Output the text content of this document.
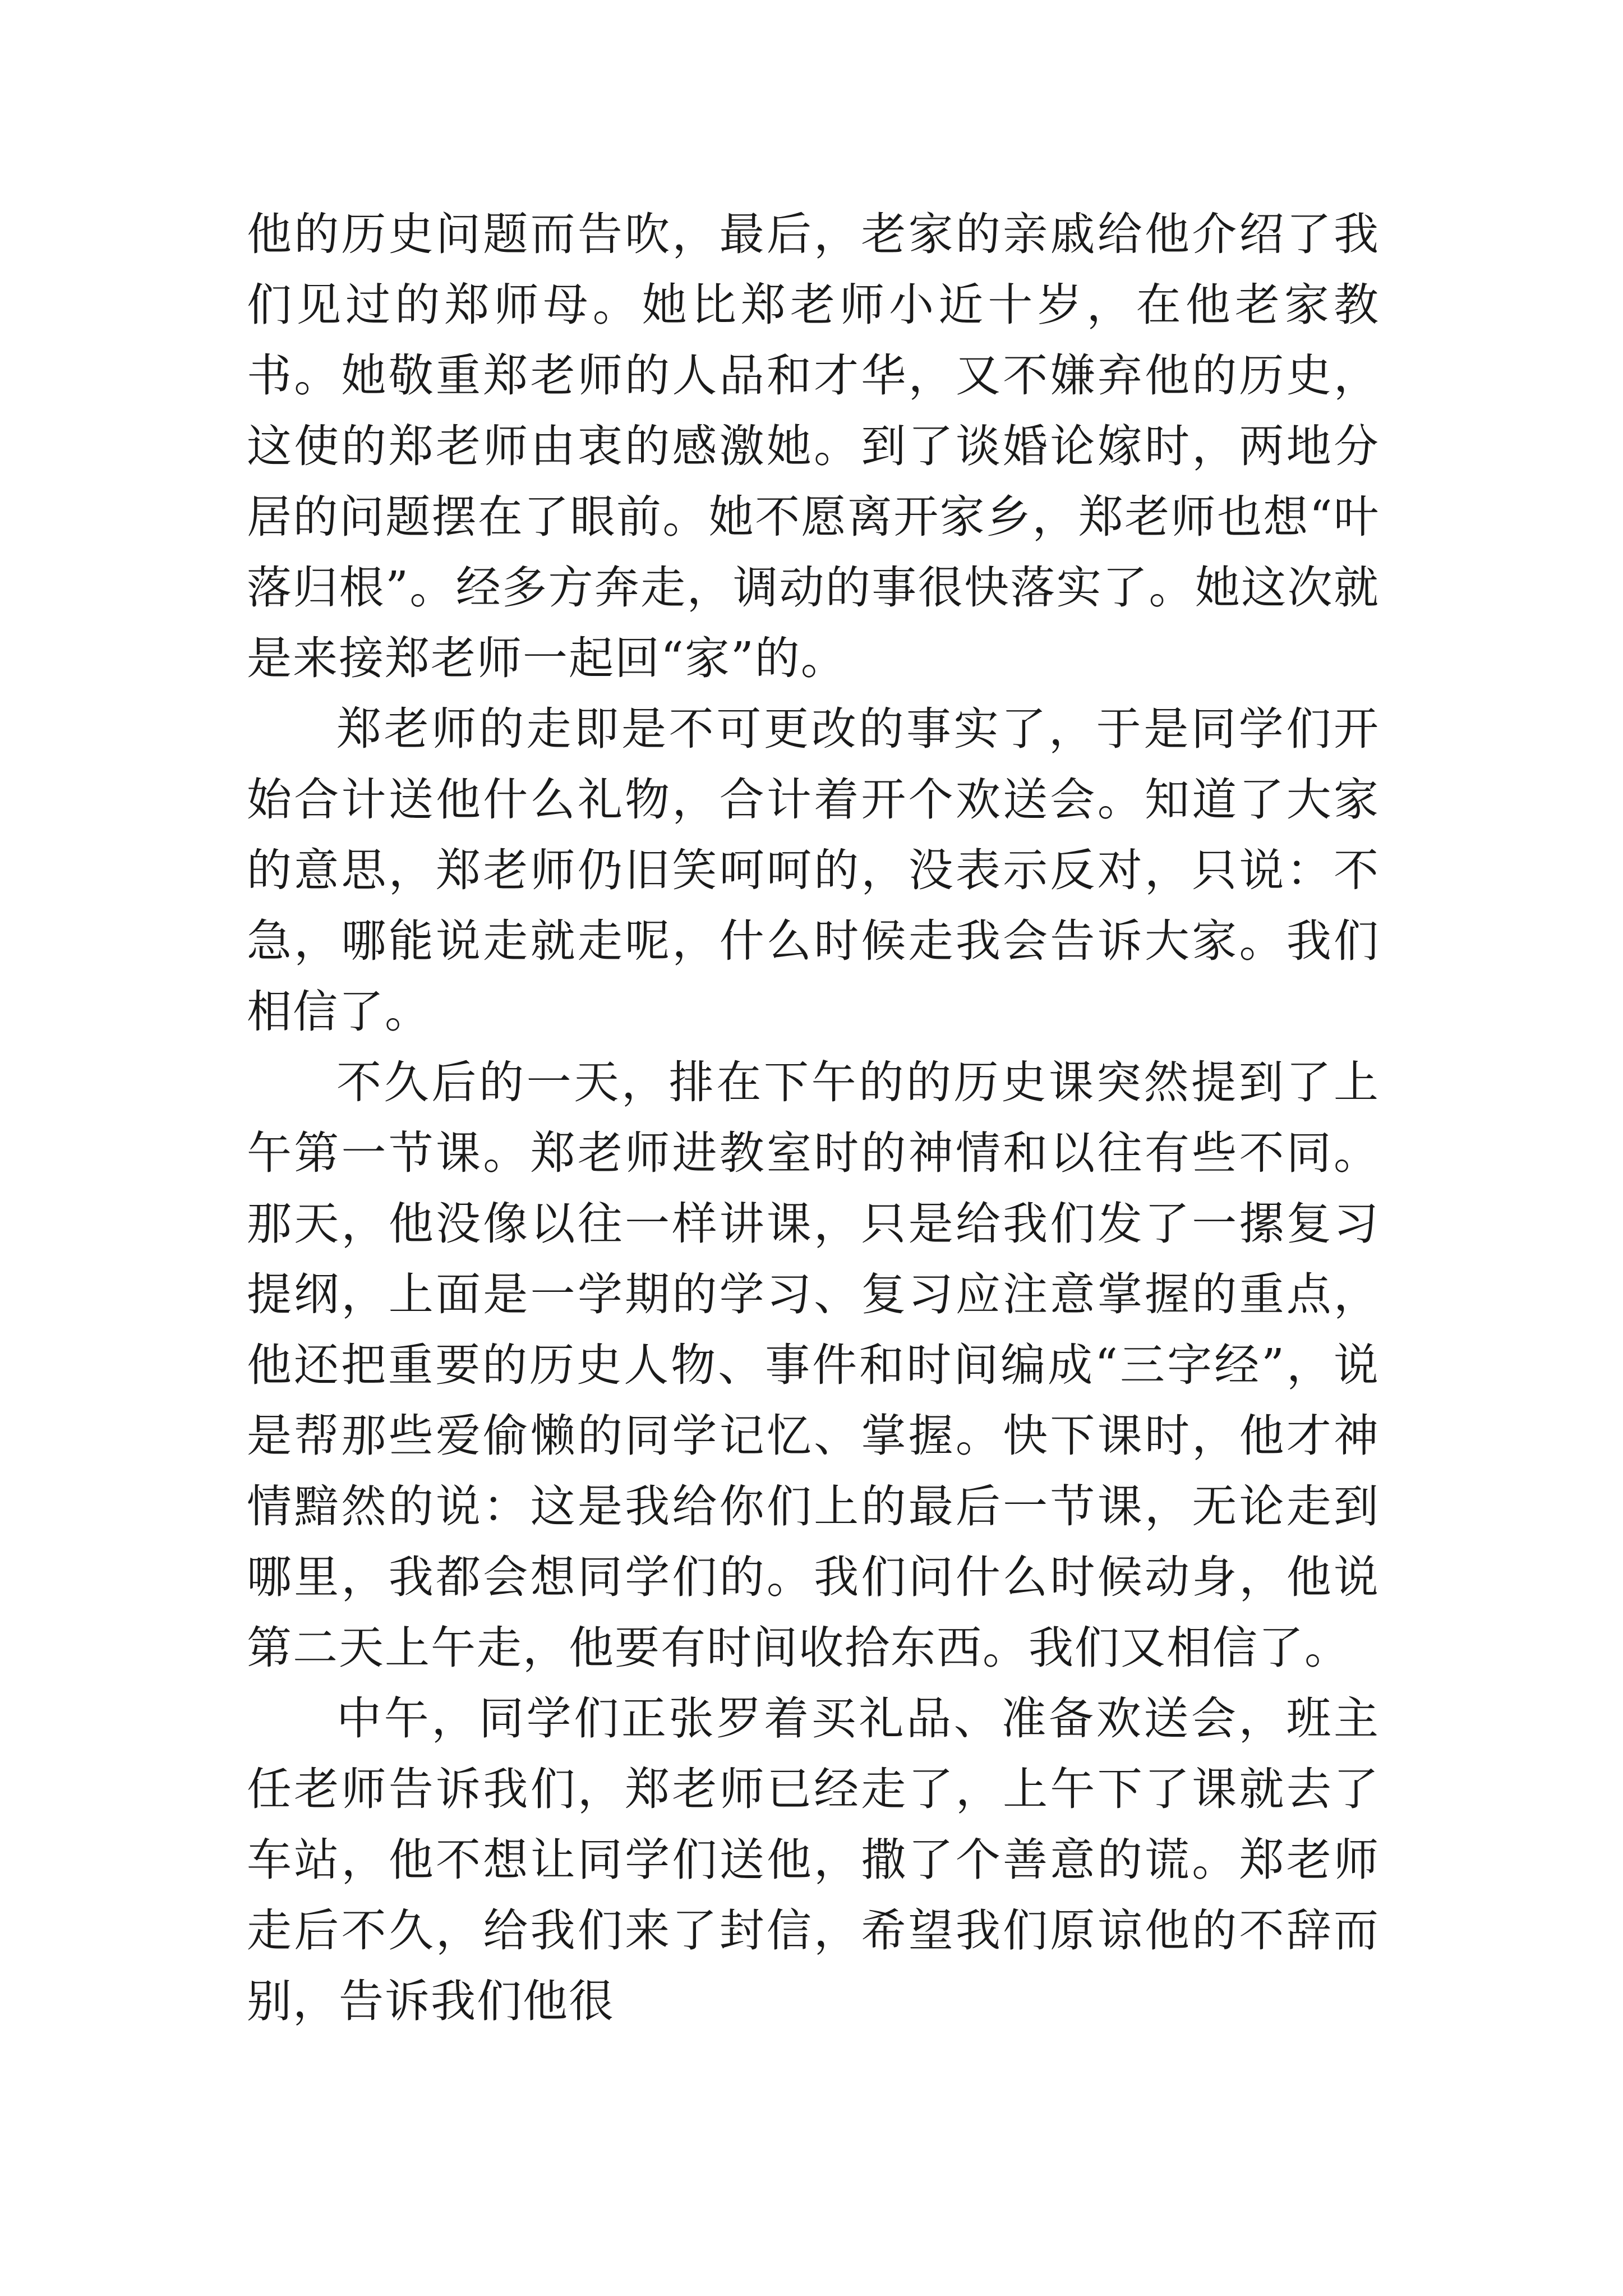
他的历史问题而告吹，最后，老家的亲戚给他介绍了我们见过的郑师母。她比郑老师小近十岁，在他老家教书。她敬重郑老师的人品和才华，又不嫌弃他的历史，这使的郑老师由衷的感激她。到了谈婚论嫁时，两地分居的问题摆在了眼前。她不愿离开家乡，郑老师也想“叶落归根”。经多方奔走，调动的事很快落实了。她这次就是来接郑老师一起回“家”的。

郑老师的走即是不可更改的事实了，于是同学们开始合计送他什么礼物，合计着开个欢送会。知道了大家的意思，郑老师仍旧笑呵呵的，没表示反对，只说：不急，哪能说走就走呢，什么时候走我会告诉大家。我们相信了。

不久后的一天，排在下午的的历史课突然提到了上午第一节课。郑老师进教室时的神情和以往有些不同。那天，他没像以往一样讲课，只是给我们发了一摞复习提纲，上面是一学期的学习、复习应注意掌握的重点，他还把重要的历史人物、事件和时间编成“三字经”，说是帮那些爱偷懒的同学记忆、掌握。快下课时，他才神情黯然的说：这是我给你们上的最后一节课，无论走到哪里，我都会想同学们的。我们问什么时候动身，他说第二天上午走，他要有时间收拾东西。我们又相信了。

中午，同学们正张罗着买礼品、准备欢送会，班主任老师告诉我们，郑老师已经走了，上午下了课就去了车站，他不想让同学们送他，撒了个善意的谎。郑老师走后不久，给我们来了封信，希望我们原谅他的不辞而别，告诉我们他很
